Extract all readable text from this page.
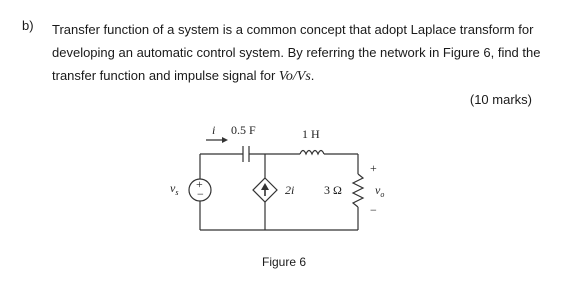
b) Transfer function of a system is a common concept that adopt Laplace transform for
developing an automatic control system. By referring the network in Figure 6, find the
transfer function and impulse signal for Vo/Vs.
(10 marks)
+
−
i 0.5 F	1 H
2i 3 Ω
$v_s$
+
$v_o$
−
Figure 6
